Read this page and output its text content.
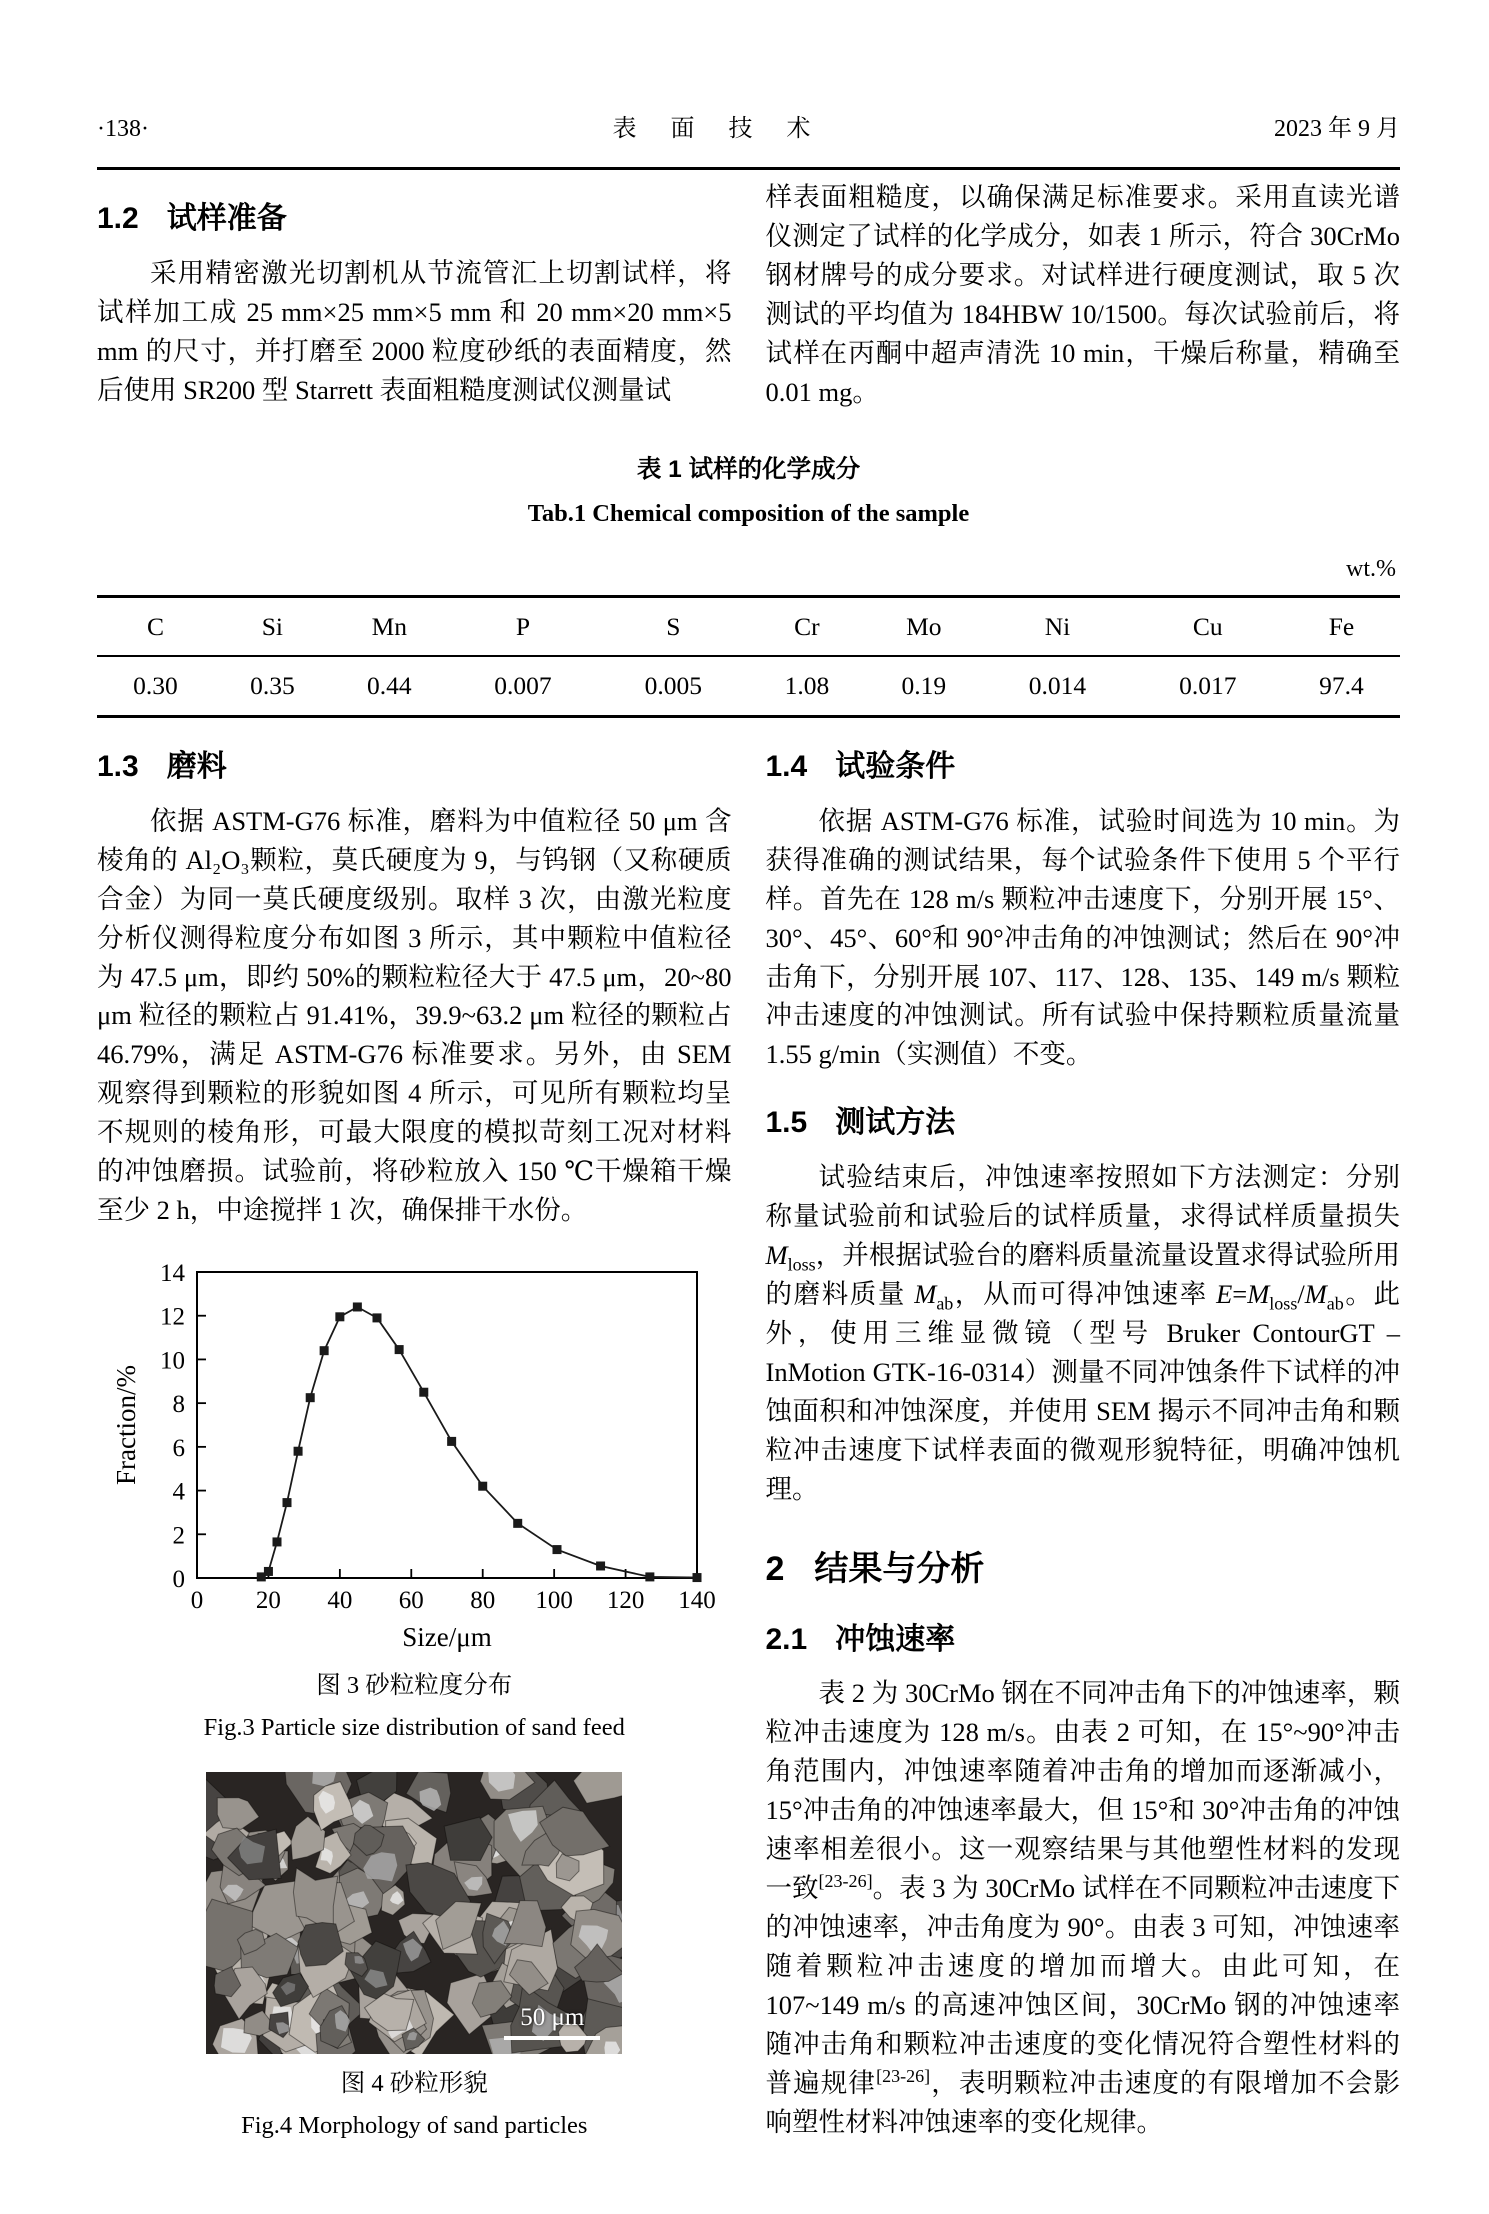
·138·	表 面 技 术	2023 年 9 月
1.2 试样准备

采用精密激光切割机从节流管汇上切割试样，将试样加工成 25 mm×25 mm×5 mm 和 20 mm×20 mm×5 mm 的尺寸，并打磨至 2000 粒度砂纸的表面精度，然后使用 SR200 型 Starrett 表面粗糙度测试仪测量试

样表面粗糙度，以确保满足标准要求。采用直读光谱仪测定了试样的化学成分，如表 1 所示，符合 30CrMo 钢材牌号的成分要求。对试样进行硬度测试，取 5 次测试的平均值为 184HBW 10/1500。每次试验前后，将试样在丙酮中超声清洗 10 min，干燥后称量，精确至 0.01 mg。

表 1 试样的化学成分
Tab.1 Chemical composition of the sample
wt.%
C	Si	Mn	P	S	Cr	Mo	Ni	Cu	Fe
0.30	0.35	0.44	0.007	0.005	1.08	0.19	0.014	0.017	97.4
1.3 磨料

依据 ASTM-G76 标准，磨料为中值粒径 50 μm 含棱角的 Al₂O₃颗粒，莫氏硬度为 9，与钨钢（又称硬质合金）为同一莫氏硬度级别。取样 3 次，由激光粒度分析仪测得粒度分布如图 3 所示，其中颗粒中值粒径为 47.5 μm，即约 50%的颗粒粒径大于 47.5 μm，20~80 μm 粒径的颗粒占 91.41%，39.9~63.2 μm 粒径的颗粒占 46.79%，满足 ASTM-G76 标准要求。另外，由 SEM 观察得到颗粒的形貌如图 4 所示，可见所有颗粒均呈不规则的棱角形，可最大限度的模拟苛刻工况对材料的冲蚀磨损。试验前，将砂粒放入 150 ℃干燥箱干燥至少 2 h，中途搅拌 1 次，确保排干水份。

0 20 40 60 80 100 120 140
0
2
4
6
8
10
12
14
Size/μm
Fraction/%
图 3 砂粒粒度分布
Fig.3 Particle size distribution of sand feed
50 μm
图 4 砂粒形貌
Fig.4 Morphology of sand particles
1.4 试验条件

依据 ASTM-G76 标准，试验时间选为 10 min。为获得准确的测试结果，每个试验条件下使用 5 个平行样。首先在 128 m/s 颗粒冲击速度下，分别开展 15°、30°、45°、60°和 90°冲击角的冲蚀测试；然后在 90°冲击角下，分别开展 107、117、128、135、149 m/s 颗粒冲击速度的冲蚀测试。所有试验中保持颗粒质量流量 1.55 g/min（实测值）不变。

1.5 测试方法

试验结束后，冲蚀速率按照如下方法测定：分别称量试验前和试验后的试样质量，求得试样质量损失 $M_{loss}$，并根据试验台的磨料质量流量设置求得试验所用的磨料质量 $M_{ab}$，从而可得冲蚀速率 $E=M_{loss}/M_{ab}$。此外，使用三维显微镜（型号 Bruker ContourGT – InMotion GTK-16-0314）测量不同冲蚀条件下试样的冲蚀面积和冲蚀深度，并使用 SEM 揭示不同冲击角和颗粒冲击速度下试样表面的微观形貌特征，明确冲蚀机理。

2 结果与分析
2.1 冲蚀速率

表 2 为 30CrMo 钢在不同冲击角下的冲蚀速率，颗粒冲击速度为 128 m/s。由表 2 可知，在 15°~90°冲击角范围内，冲蚀速率随着冲击角的增加而逐渐减小，15°冲击角的冲蚀速率最大，但 15°和 30°冲击角的冲蚀速率相差很小。这一观察结果与其他塑性材料的发现一致[23-26]。表 3 为 30CrMo 试样在不同颗粒冲击速度下的冲蚀速率，冲击角度为 90°。由表 3 可知，冲蚀速率随着颗粒冲击速度的增加而增大。由此可知，在 107~149 m/s 的高速冲蚀区间，30CrMo 钢的冲蚀速率随冲击角和颗粒冲击速度的变化情况符合塑性材料的普遍规律[23-26]，表明颗粒冲击速度的有限增加不会影响塑性材料冲蚀速率的变化规律。
